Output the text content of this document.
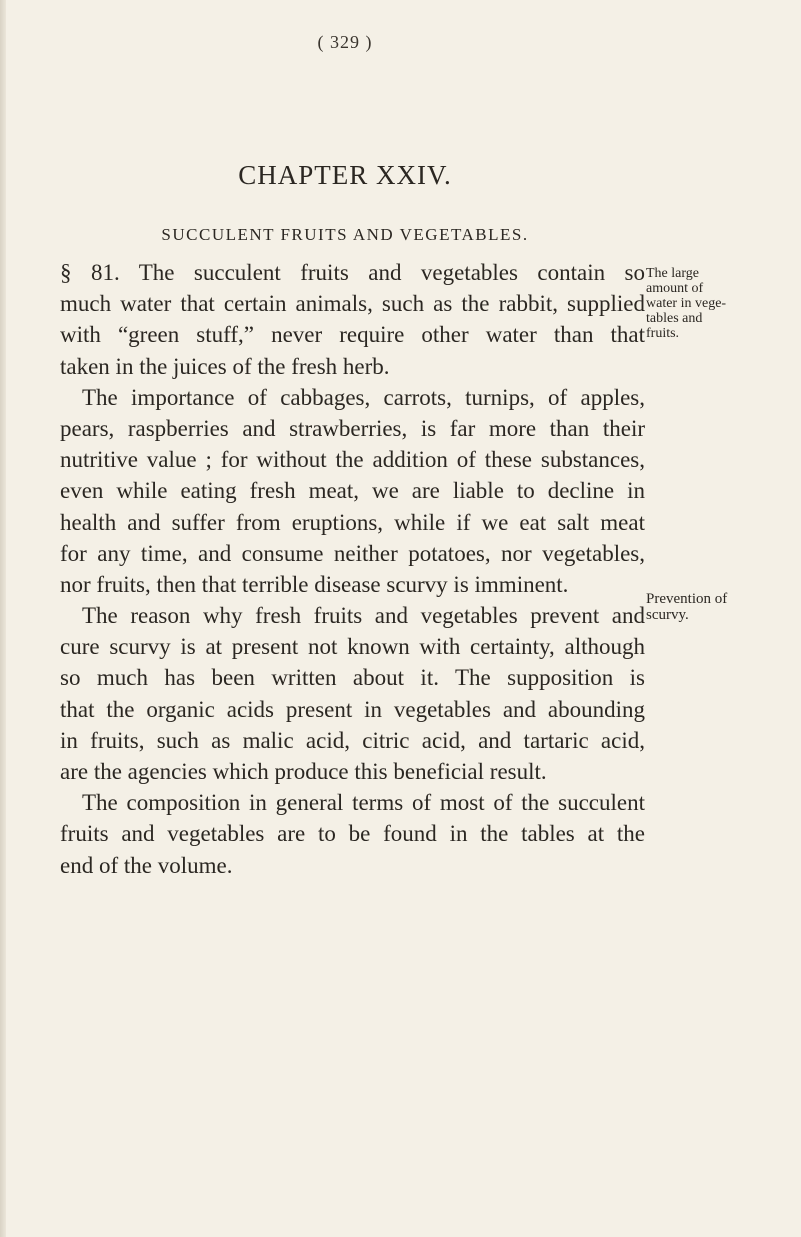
( 329 )
CHAPTER XXIV.
SUCCULENT FRUITS AND VEGETABLES.
§ 81. The succulent fruits and vegetables contain so
much water that certain animals, such as the rabbit, supplied
with “green stuff,” never require other water than that
taken in the juices of the fresh herb.
The importance of cabbages, carrots, turnips, of apples,
pears, raspberries and strawberries, is far more than their
nutritive value ; for without the addition of these substances,
even while eating fresh meat, we are liable to decline in
health and suffer from eruptions, while if we eat salt meat
for any time, and consume neither potatoes, nor vegetables,
nor fruits, then that terrible disease scurvy is imminent.
The reason why fresh fruits and vegetables prevent and
cure scurvy is at present not known with certainty, although
so much has been written about it. The supposition is
that the organic acids present in vegetables and abounding
in fruits, such as malic acid, citric acid, and tartaric acid,
are the agencies which produce this beneficial result.
The composition in general terms of most of the succulent
fruits and vegetables are to be found in the tables at the
end of the volume.
The large
amount of
water in vege-
tables and
fruits.
Prevention of
scurvy.
